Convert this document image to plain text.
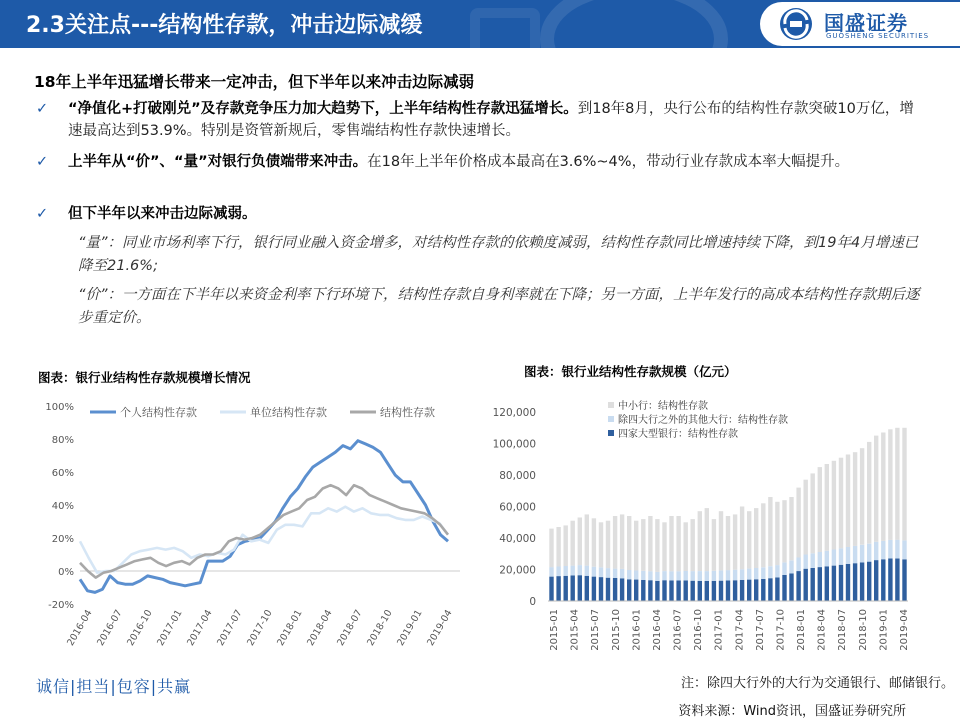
2.3关注点---结构性存款，冲击边际减缓	国盛证券
GUOSHENG SECURITIES
18年上半年迅猛增长带来一定冲击，但下半年以来冲击边际减弱
✓ “净值化+打破刚兑”及存款竞争压力加大趋势下，上半年结构性存款迅猛增长。到18年8月，央行公布的结构性存款突破10万亿，增速最高达到53.9%。特别是资管新规后，零售端结构性存款快速增长。
✓ 上半年从“价”、“量”对银行负债端带来冲击。在18年上半年价格成本最高在3.6%~4%，带动行业存款成本率大幅提升。
✓ 但下半年以来冲击边际减弱。
“量”：同业市场利率下行，银行同业融入资金增多，对结构性存款的依赖度减弱，结构性存款同比增速持续下降，到19年4月增速已降至21.6%;
“价”：一方面在下半年以来资金利率下行环境下，结构性存款自身利率就在下降；另一方面，上半年发行的高成本结构性存款期后逐步重定价。
图表：银行业结构性存款规模增长情况	图表：银行业结构性存款规模（亿元）
100%
80%
60%
40%
20%
0%
-20%
2016-04 2016-07 2016-10 2017-01 2017-04 2017-07 2017-10 2018-01 2018-04 2018-07 2018-10 2019-01 2019-04
个人结构性存款	单位结构性存款	结构性存款	120,000
100,000
80,000
60,000
40,000
20,000
0
2015-01 2015-04 2015-07 2015-10 2016-01 2016-04 2016-07 2016-10 2017-01 2017-04 2017-07 2017-10 2018-01 2018-04 2018-07 2018-10 2019-01 2019-04
中小行：结构性存款
除四大行之外的其他大行：结构性存款
四家大型银行：结构性存款
诚信|担当|包容|共赢	注：除四大行外的大行为交通银行、邮储银行。
资料来源：Wind资讯，国盛证券研究所
